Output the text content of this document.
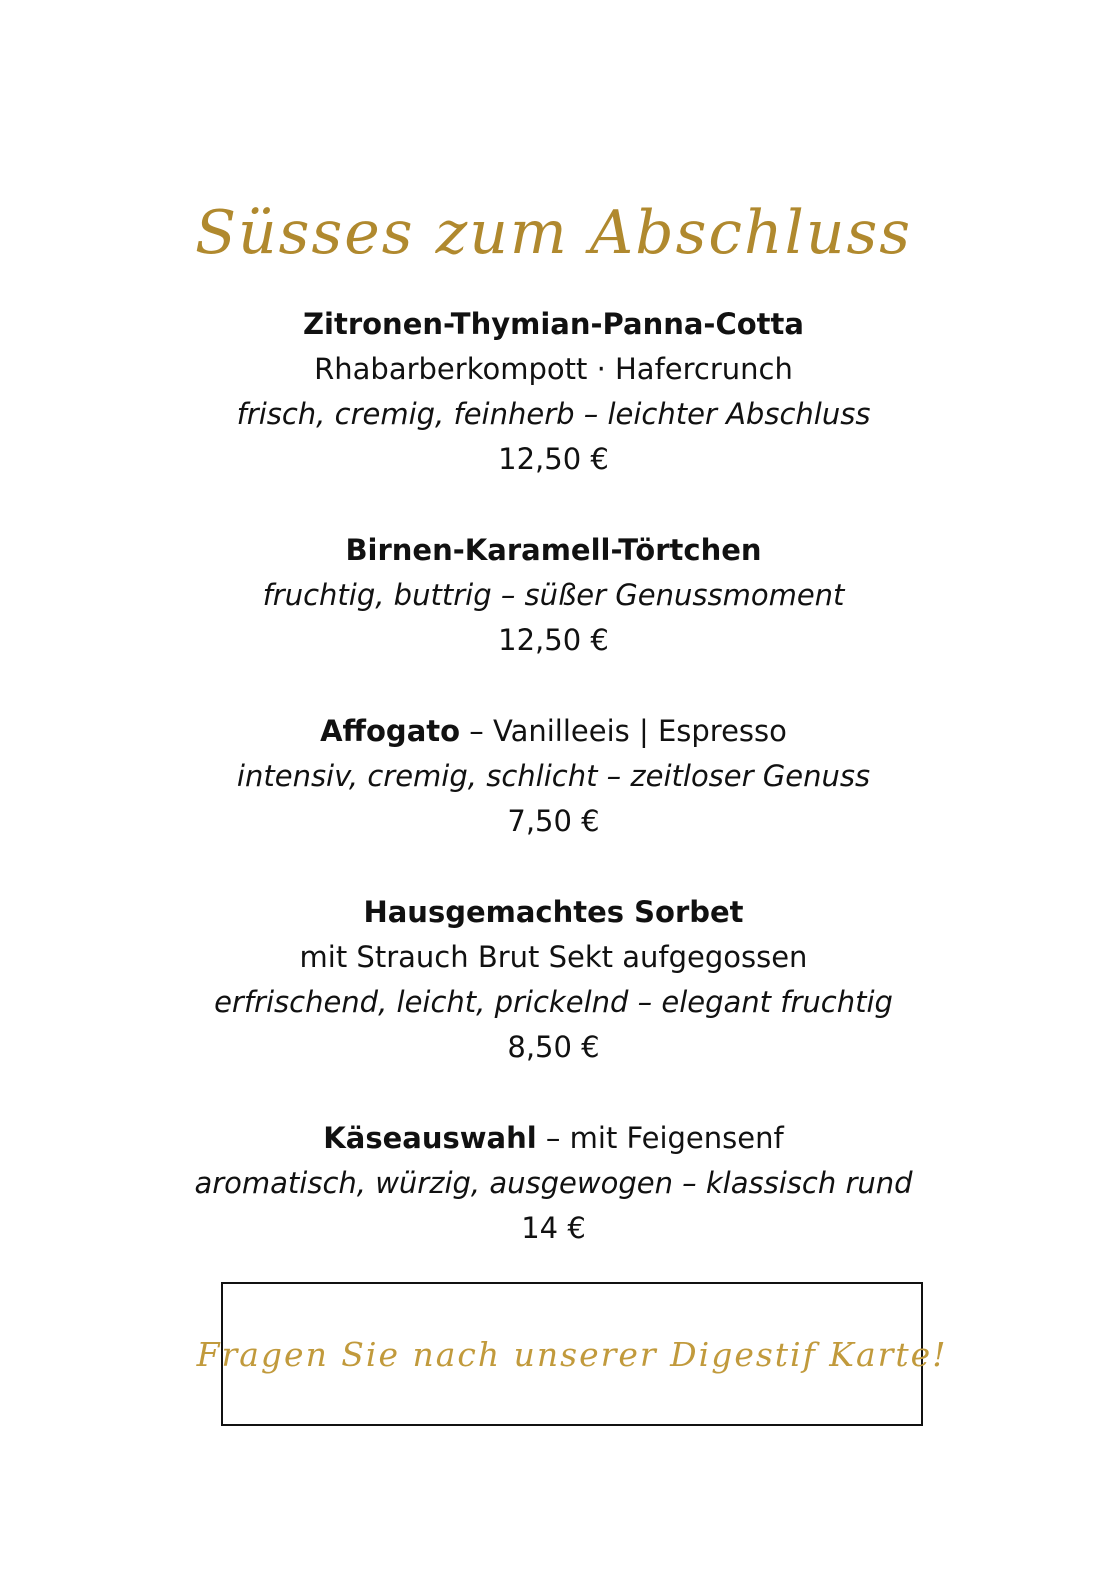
Süsses zum Abschluss
Zitronen-Thymian-Panna-Cotta
Rhabarberkompott · Hafercrunch
frisch, cremig, feinherb – leichter Abschluss
12,50 €
Birnen-Karamell-Törtchen
fruchtig, buttrig – süßer Genussmoment
12,50 €
Affogato – Vanilleeis | Espresso
intensiv, cremig, schlicht – zeitloser Genuss
7,50 €
Hausgemachtes Sorbet
mit Strauch Brut Sekt aufgegossen
erfrischend, leicht, prickelnd – elegant fruchtig
8,50 €
Käseauswahl – mit Feigensenf
aromatisch, würzig, ausgewogen – klassisch rund
14 €
Fragen Sie nach unserer Digestif Karte!
